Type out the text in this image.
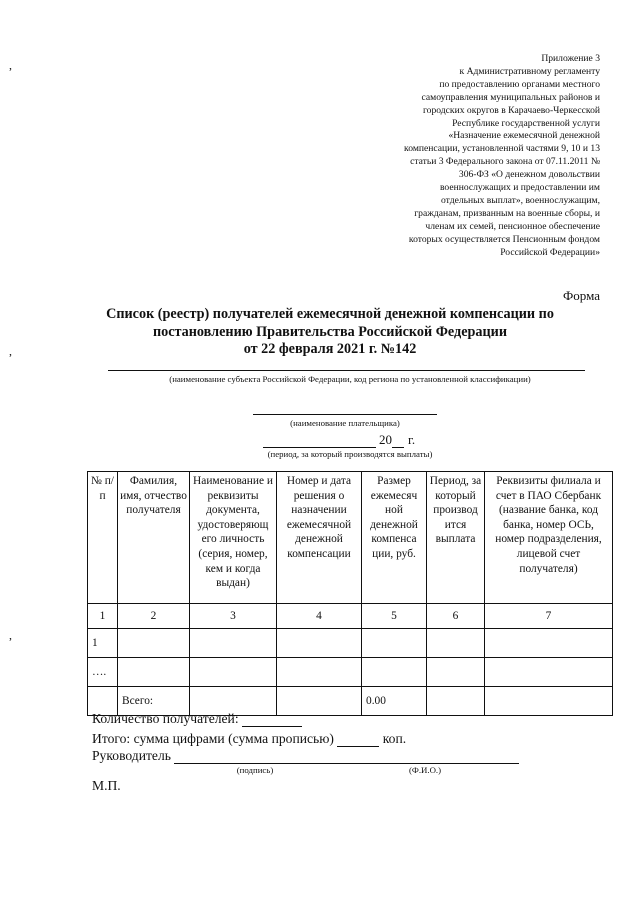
,
,
,
Приложение 3
к Административному регламенту
по предоставлению органами местного
самоуправления муниципальных районов и
городских округов в Карачаево-Черкесской
Республике государственной услуги
«Назначение ежемесячной денежной
компенсации, установленной частями 9, 10 и 13
статьи 3 Федерального закона от 07.11.2011 №
306-ФЗ «О денежном довольствии
военнослужащих и предоставлении им
отдельных выплат», военнослужащим,
гражданам, призванным на военные сборы, и
членам их семей, пенсионное обеспечение
которых осуществляется Пенсионным фондом
Российской Федерации»
Форма
Список (реестр) получателей ежемесячной денежной компенсации по
постановлению Правительства Российской Федерации
от 22 февраля 2021 г. №142
(наименование субъекта Российской Федерации, код региона по установленной классификации)
(наименование плательщика)
20 г.
(период, за который производятся выплаты)
№ п/п	Фамилия, имя, отчество получателя	Наименование и реквизиты документа, удостоверяющ его личность (серия, номер, кем и когда выдан)	Номер и дата решения о назначении ежемесячной денежной компенсации	Размер ежемесяч ной денежной компенса ции, руб.	Период, за который производ ится выплата	Реквизиты филиала и счет в ПАО Сбербанк (название банка, код банка, номер ОСЬ, номер подразделения, лицевой счет получателя)
1	2	3	4	5	6	7
1						
….						
	Всего:			0.00		
Количество получателей:
Итого: сумма цифрами (сумма прописью)	коп.
Руководитель
(подпись)	(Ф.И.О.)
М.П.
